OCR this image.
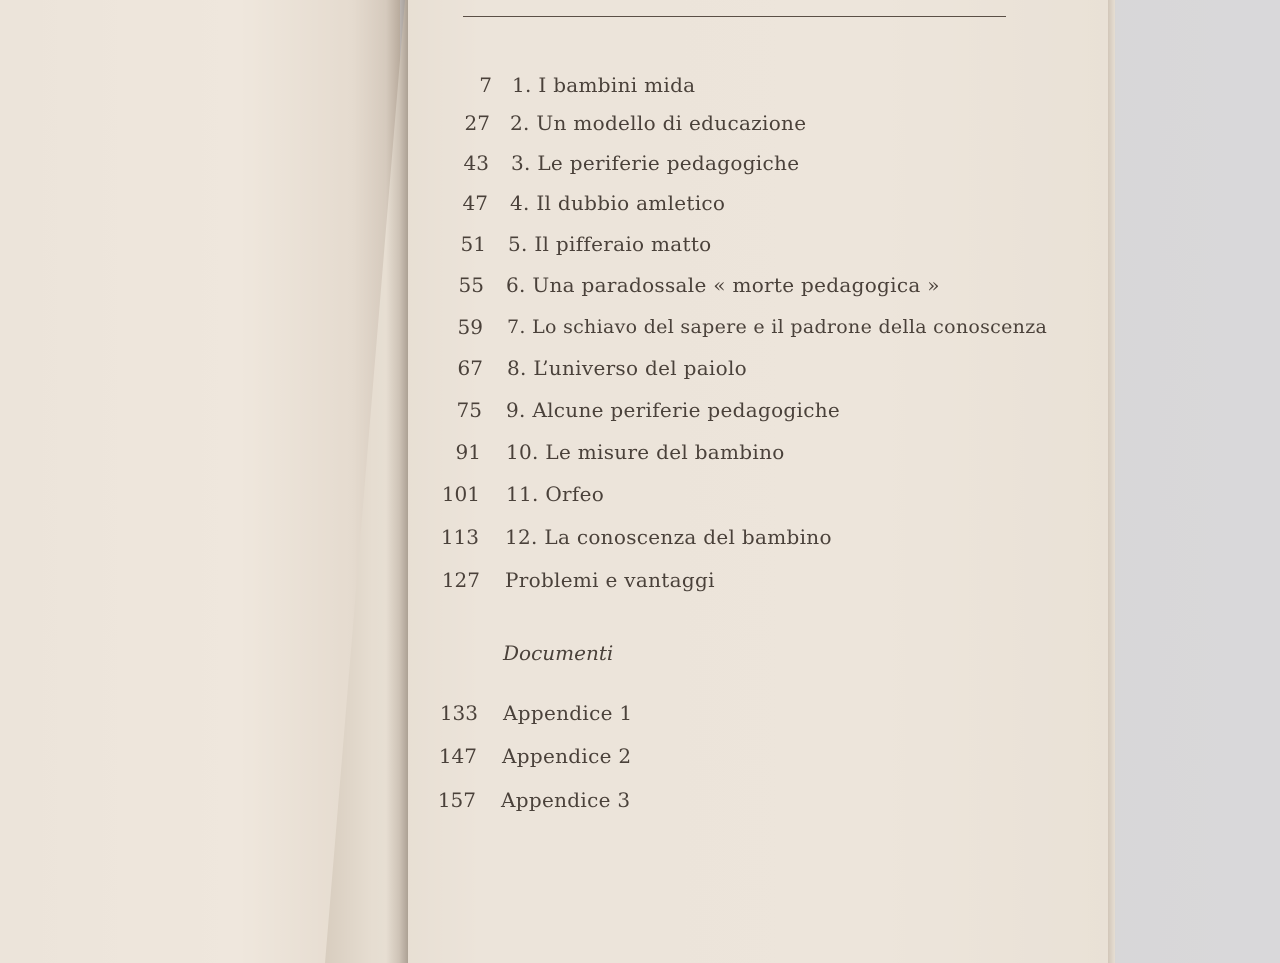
7 1. I bambini mida
27 2. Un modello di educazione
43 3. Le periferie pedagogiche
47 4. Il dubbio amletico
51 5. Il pifferaio matto
55 6. Una paradossale « morte pedagogica »
59 7. Lo schiavo del sapere e il padrone della conoscenza
67 8. L’universo del paiolo
75 9. Alcune periferie pedagogiche
91 10. Le misure del bambino
101 11. Orfeo
113 12. La conoscenza del bambino
127 Problemi e vantaggi
Documenti
133 Appendice 1
147 Appendice 2
157 Appendice 3
